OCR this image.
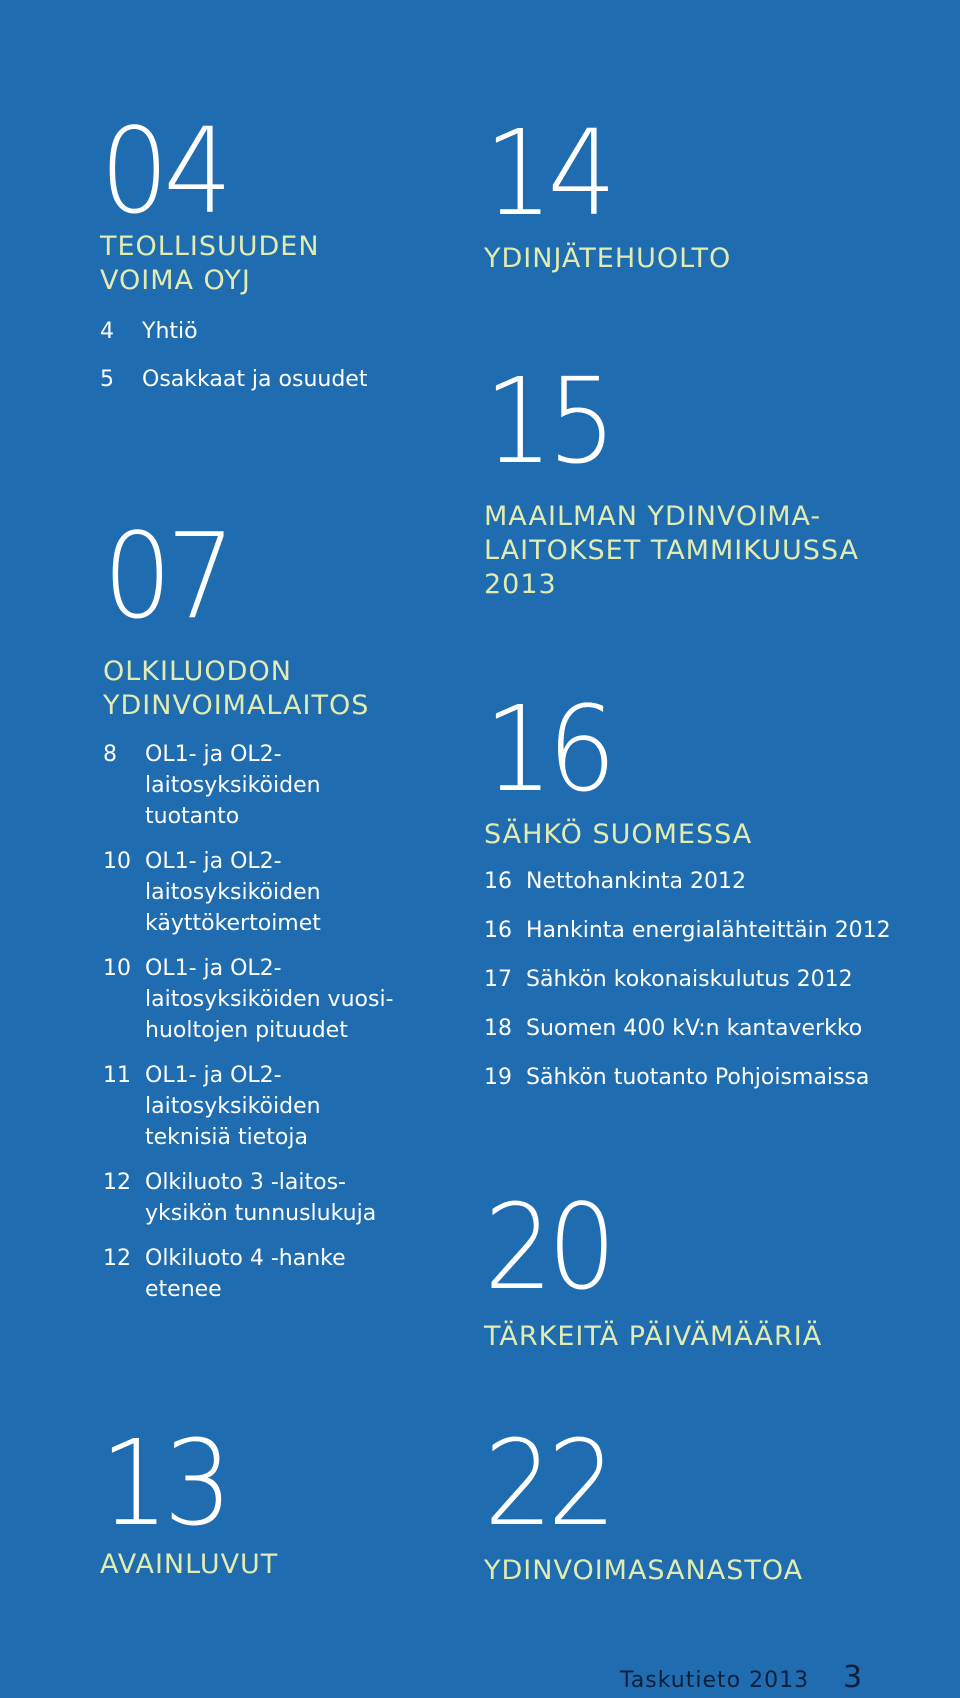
04
TEOLLISUUDEN
VOIMA OYJ
4	Yhtiö
5	Osakkaat ja osuudet
07
OLKILUODON
YDINVOIMALAITOS
8	OL1- ja OL2-
laitosyksiköiden
tuotanto
10 OL1- ja OL2-
laitosyksiköiden
käyttökertoimet
10 OL1- ja OL2-
laitosyksiköiden vuosi-
huoltojen pituudet
11 OL1- ja OL2-
laitosyksiköiden
teknisiä tietoja
12 Olkiluoto 3 -laitos-
yksikön tunnuslukuja
12 Olkiluoto 4 -hanke
etenee
13
AVAINLUVUT
14
YDINJÄTEHUOLTO
15
MAAILMAN YDINVOIMA-
LAITOKSET TAMMIKUUSSA
2013
16
SÄHKÖ SUOMESSA
16 Nettohankinta 2012
16 Hankinta energialähteittäin 2012
17 Sähkön kokonaiskulutus 2012
18 Suomen 400 kV:n kantaverkko
19 Sähkön tuotanto Pohjoismaissa
20
TÄRKEITÄ PÄIVÄMÄÄRIÄ
22
YDINVOIMASANASTOA
Taskutieto 2013 3
